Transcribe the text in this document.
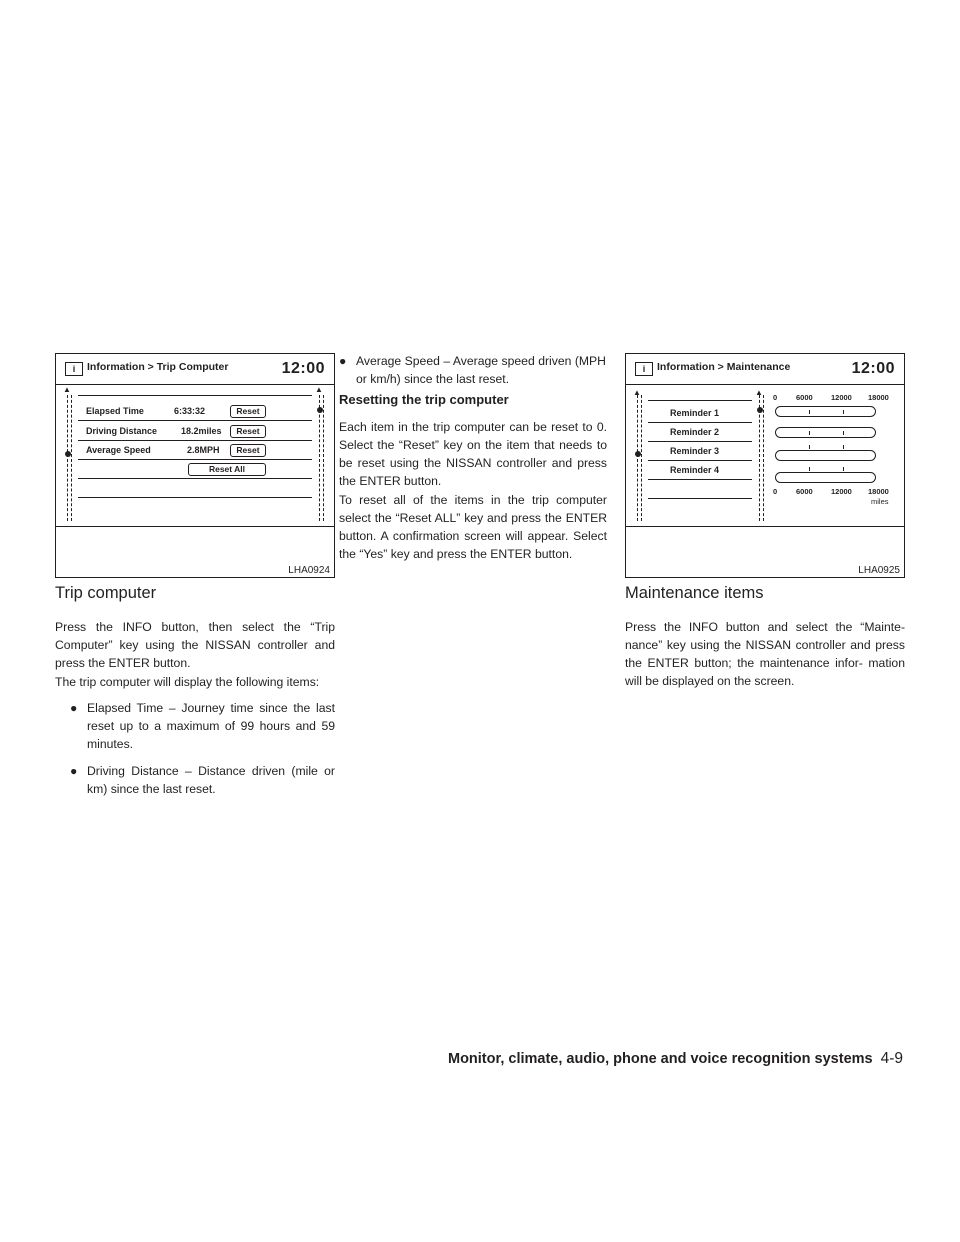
i	Information > Trip Computer	12:00
▲	▲
Elapsed Time	6:33:32	Reset
Driving Distance	18.2miles	Reset
Average Speed	2.8MPH	Reset
Reset All
LHA0924
i	Information > Maintenance	12:00
▲	▲
Reminder 1
Reminder 2
Reminder 3
Reminder 4
0	6000 12000 18000
0	6000 12000 18000
miles
LHA0925
Trip computer

Press the INFO button, then select the “Trip Computer” key using the NISSAN controller and press the ENTER button.

The trip computer will display the following items:

● Elapsed Time – Journey time since the last reset up to a maximum of 99 hours and 59 minutes.
● Driving Distance – Distance driven (mile or km) since the last reset.
● Average Speed – Average speed driven (MPH or km/h) since the last reset.
Resetting the trip computer

Each item in the trip computer can be reset to 0. Select the “Reset” key on the item that needs to be reset using the NISSAN controller and press the ENTER button.

To reset all of the items in the trip computer select the “Reset ALL” key and press the ENTER button. A confirmation screen will appear. Select the “Yes” key and press the ENTER button.

Maintenance items

Press the INFO button and select the “Mainte- nance” key using the NISSAN controller and press the ENTER button; the maintenance infor- mation will be displayed on the screen.

Monitor, climate, audio, phone and voice recognition systems 4-9
